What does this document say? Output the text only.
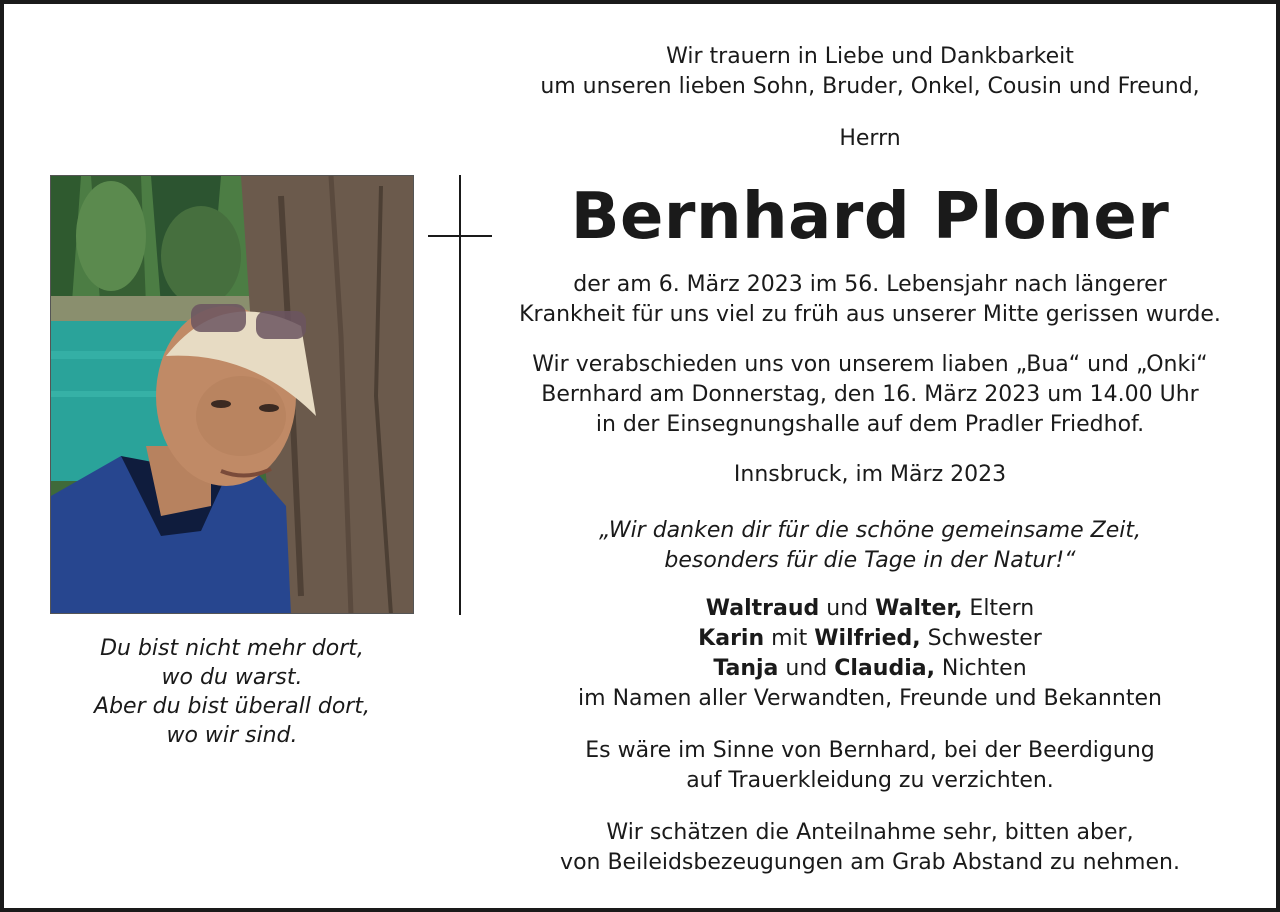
Wir trauern in Liebe und Dankbarkeit
um unseren lieben Sohn, Bruder, Onkel, Cousin und Freund,
Herrn
Bernhard Ploner
der am 6. März 2023 im 56. Lebensjahr nach längerer
Krankheit für uns viel zu früh aus unserer Mitte gerissen wurde.
Wir verabschieden uns von unserem liaben „Bua“ und „Onki“
Bernhard am Donnerstag, den 16. März 2023 um 14.00 Uhr
in der Einsegnungshalle auf dem Pradler Friedhof.
Innsbruck, im März 2023
„Wir danken dir für die schöne gemeinsame Zeit,
besonders für die Tage in der Natur!“
Waltraud und Walter, Eltern
Karin mit Wilfried, Schwester
Tanja und Claudia, Nichten
im Namen aller Verwandten, Freunde und Bekannten
Es wäre im Sinne von Bernhard, bei der Beerdigung
auf Trauerkleidung zu verzichten.
Wir schätzen die Anteilnahme sehr, bitten aber,
von Beileidsbezeugungen am Grab Abstand zu nehmen.
Du bist nicht mehr dort,
wo du warst.
Aber du bist überall dort,
wo wir sind.
